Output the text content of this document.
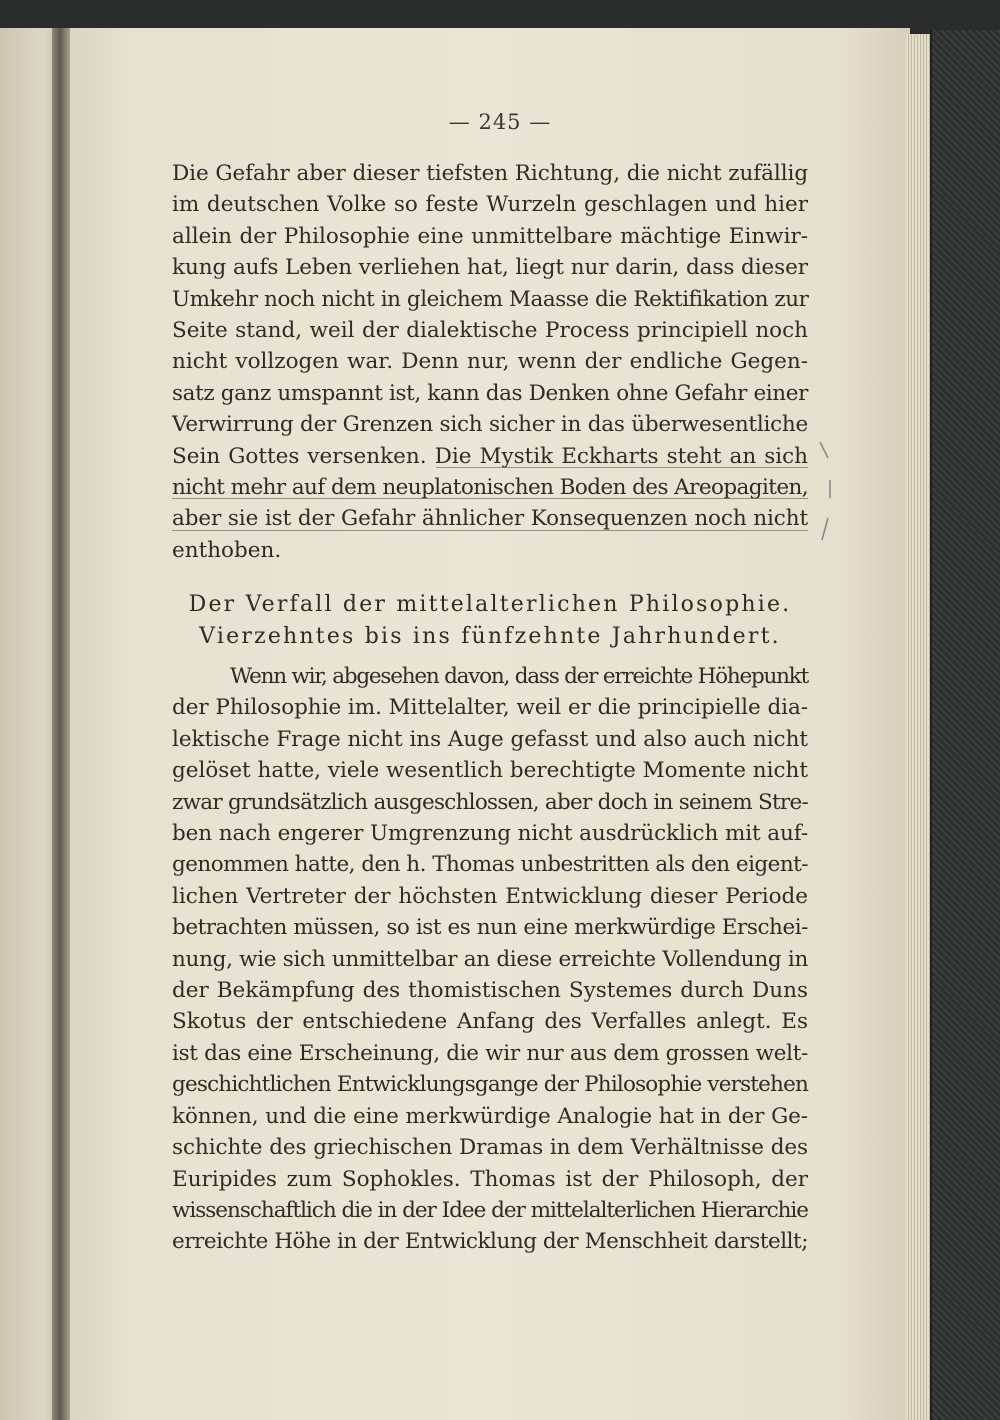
— 245 —
Die Gefahr aber dieser tiefsten Richtung, die nicht zufällig
im deutschen Volke so feste Wurzeln geschlagen und hier
allein der Philosophie eine unmittelbare mächtige Einwir-
kung aufs Leben verliehen hat, liegt nur darin, dass dieser
Umkehr noch nicht in gleichem Maasse die Rektifikation zur
Seite stand, weil der dialektische Process principiell noch
nicht vollzogen war. Denn nur, wenn der endliche Gegen-
satz ganz umspannt ist, kann das Denken ohne Gefahr einer
Verwirrung der Grenzen sich sicher in das überwesentliche
Sein Gottes versenken. Die Mystik Eckharts steht an sich
nicht mehr auf dem neuplatonischen Boden des Areopagiten,
aber sie ist der Gefahr ähnlicher Konsequenzen noch nicht
enthoben.
Der Verfall der mittelalterlichen Philosophie.
Vierzehntes bis ins fünfzehnte Jahrhundert.
Wenn wir, abgesehen davon, dass der erreichte Höhepunkt
der Philosophie im. Mittelalter, weil er die principielle dia-
lektische Frage nicht ins Auge gefasst und also auch nicht
gelöset hatte, viele wesentlich berechtigte Momente nicht
zwar grundsätzlich ausgeschlossen, aber doch in seinem Stre-
ben nach engerer Umgrenzung nicht ausdrücklich mit auf-
genommen hatte, den h. Thomas unbestritten als den eigent-
lichen Vertreter der höchsten Entwicklung dieser Periode
betrachten müssen, so ist es nun eine merkwürdige Erschei-
nung, wie sich unmittelbar an diese erreichte Vollendung in
der Bekämpfung des thomistischen Systemes durch Duns
Skotus der entschiedene Anfang des Verfalles anlegt. Es
ist das eine Erscheinung, die wir nur aus dem grossen welt-
geschichtlichen Entwicklungsgange der Philosophie verstehen
können, und die eine merkwürdige Analogie hat in der Ge-
schichte des griechischen Dramas in dem Verhältnisse des
Euripides zum Sophokles. Thomas ist der Philosoph, der
wissenschaftlich die in der Idee der mittelalterlichen Hierarchie
erreichte Höhe in der Entwicklung der Menschheit darstellt;
